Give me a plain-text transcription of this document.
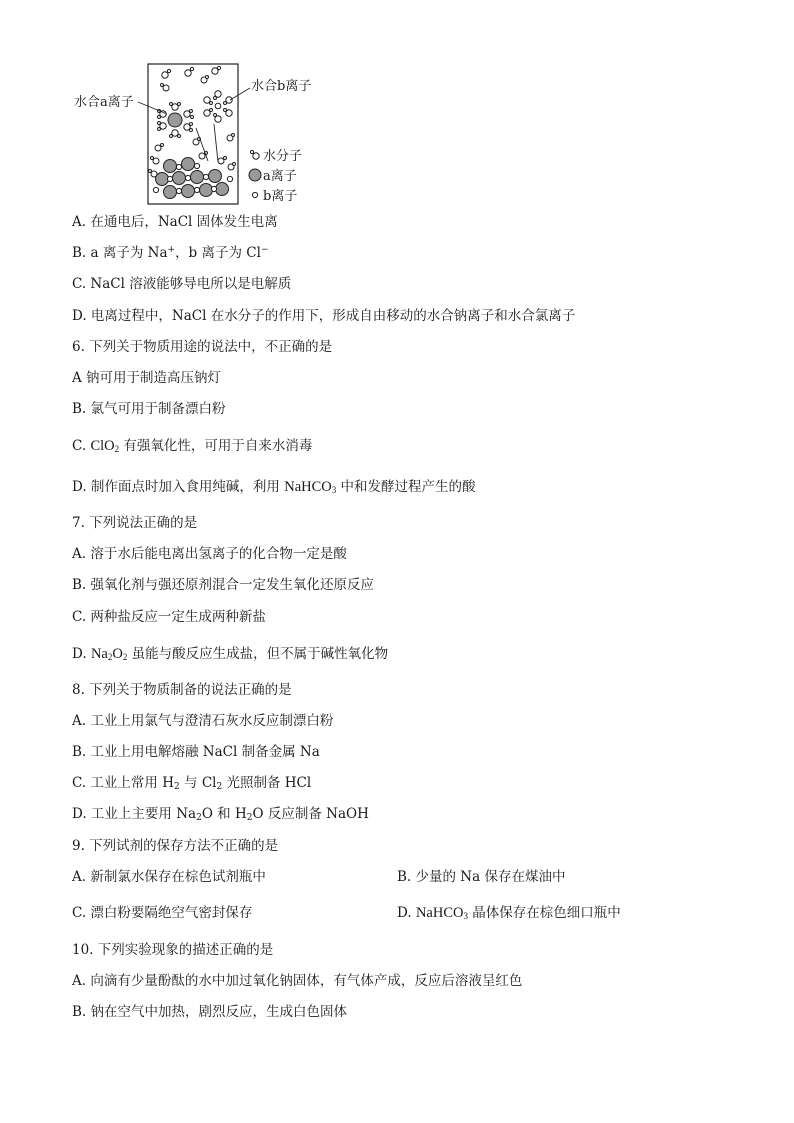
水合a离子
水合b离子
水分子
a离子
b离子
A. 在通电后，NaCl 固体发生电离
B. a 离子为 Na+，b 离子为 Cl−
C. NaCl 溶液能够导电所以是电解质
D. 电离过程中，NaCl 在水分子的作用下，形成自由移动的水合钠离子和水合氯离子
6. 下列关于物质用途的说法中，不正确的是
A 钠可用于制造高压钠灯
B. 氯气可用于制备漂白粉
C. ClO$_2$ 有强氧化性，可用于自来水消毒
D. 制作面点时加入食用纯碱，利用 NaHCO$_3$ 中和发酵过程产生的酸
7. 下列说法正确的是
A. 溶于水后能电离出氢离子的化合物一定是酸
B. 强氧化剂与强还原剂混合一定发生氧化还原反应
C. 两种盐反应一定生成两种新盐
D. $Na_2O_2$ 虽能与酸反应生成盐，但不属于碱性氧化物
8. 下列关于物质制备的说法正确的是
A. 工业上用氯气与澄清石灰水反应制漂白粉
B. 工业上用电解熔融 NaCl 制备金属 Na
C. 工业上常用 $H_2$ 与 $Cl_2$ 光照制备 HCl
D. 工业上主要用 $Na_2O$ 和 $H_2O$ 反应制备 NaOH
9. 下列试剂的保存方法不正确的是
A. 新制氯水保存在棕色试剂瓶中	B. 少量的 Na 保存在煤油中
C. 漂白粉要隔绝空气密封保存	D. NaHCO$_3$ 晶体保存在棕色细口瓶中
10. 下列实验现象的描述正确的是
A. 向滴有少量酚酞的水中加过氧化钠固体，有气体产成，反应后溶液呈红色
B. 钠在空气中加热，剧烈反应，生成白色固体
